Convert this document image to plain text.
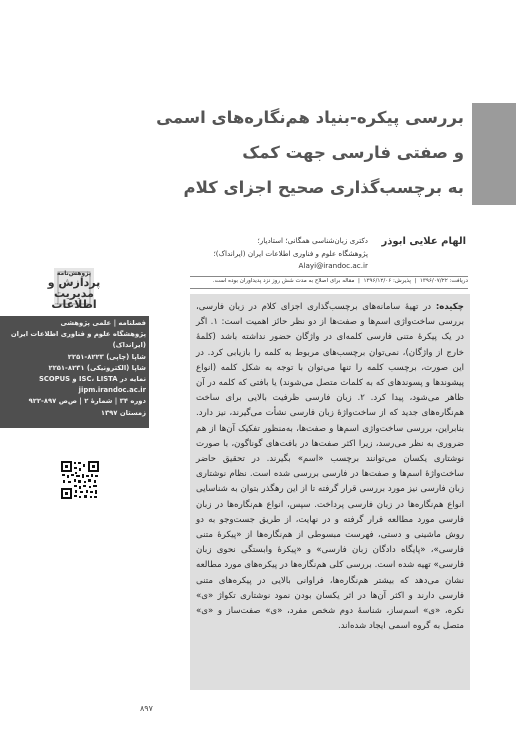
بررسی پیکره-بنیاد هم‌نگاره‌های اسمی
و صفتی فارسی جهت کمک
به برچسب‌گذاری صحیح اجزای کلام
الهام علایی ابوذر
دکتری زبان‌شناسی همگانی؛ استادیار؛
پژوهشگاه علوم و فناوری اطلاعات ایران (ایرانداک)؛
Alayi@irandoc.ac.ir
پژوهش‌نامه
پردازش و
مدیریت
اطلاعات
دریافت: ۱۳۹۶/۰۷/۲۲  |  پذیرش: ۱۳۹۶/۱۲/۰۶  |  مقاله برای اصلاح به مدت شش روز نزد پدیدآوران بوده است.
چکیده: در تهیهٔ سامانه‌های برچسب‌گذاری اجزای کلام در زبان فارسی، بررسی ساخت‌واژی اسم‌ها و صفت‌ها از دو نظر حائز اهمیت است: ۱. اگر در یک پیکرهٔ متنی فارسی کلمه‌ای در واژگان حضور نداشته باشد (کلمهٔ خارج از واژگان)، نمی‌توان برچسب‌های مربوط به کلمه را بازیابی کرد. در این صورت، برچسب کلمه را تنها می‌توان با توجه به شکل کلمه (انواع پیشوندها و پسوندهای که به کلمات متصل می‌شوند) یا بافتی که کلمه در آن ظاهر می‌شود، پیدا کرد. ۲. زبان فارسی ظرفیت بالایی برای ساخت هم‌نگاره‌های جدید که از ساخت‌واژهٔ زبان فارسی نشأت می‌گیرند، نیز دارد. بنابراین، بررسی ساخت‌واژی اسم‌ها و صفت‌ها، به‌منظور تفکیک آن‌ها از هم ضروری به نظر می‌رسد، زیرا اکثر صفت‌ها در بافت‌های گوناگون، با صورت نوشتاری یکسان می‌توانند برچسب «اسم» بگیرند. در تحقیق حاضر ساخت‌واژهٔ اسم‌ها و صفت‌ها در فارسی بررسی شده است. نظام نوشتاری زبان فارسی نیز مورد بررسی قرار گرفته تا از این رهگذر بتوان به شناسایی انواع هم‌نگاره‌ها در زبان فارسی پرداخت. سپس، انواع هم‌نگاره‌ها در زبان فارسی مورد مطالعه قرار گرفته و در نهایت، از طریق جست‌وجو به دو روش ماشینی و دستی، فهرست مبسوطی از هم‌نگاره‌ها از «پیکرهٔ متنی فارسی»، «پایگاه دادگان زبان فارسی» و «پیکرهٔ وابستگی نحوی زبان فارسی» تهیه شده است. بررسی کلی هم‌نگاره‌ها در پیکره‌های مورد مطالعه نشان می‌دهد که بیشتر هم‌نگاره‌ها، فراوانی بالایی در پیکره‌های متنی فارسی دارند و اکثر آن‌ها در اثر یکسان بودن نمود نوشتاری تکواژ «ی» نکره، «ی» اسم‌ساز، شناسهٔ دوم شخص مفرد، «ی» صفت‌ساز و «ی» متصل به گروه اسمی ایجاد شده‌اند.
فصلنامه | علمی پژوهشی
پژوهشگاه علوم و فناوری اطلاعات ایران
(ایرانداک)
شاپا (چاپی) ۸۲۲۳-۲۲۵۱
شاپا (الکترونیکی) ۸۲۳۱-۲۲۵۱
نمایه در ISC، LISTA و SCOPUS
jipm.irandoc.ac.ir
دوره ۳۴ | شمارهٔ ۲ | ص‌ص ۸۹۷-۹۲۲
زمستان ۱۳۹۷
۸۹۷
